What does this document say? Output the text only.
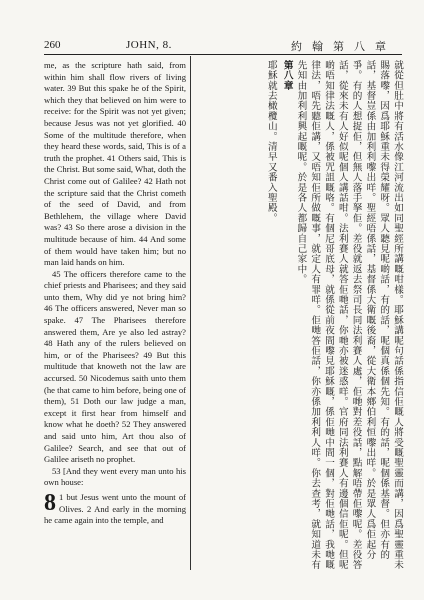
260	JOHN, 8.	約翰第八章

me, as the scripture hath said, from within him shall flow rivers of living water. 39 But this spake he of the Spirit, which they that believed on him were to receive: for the Spirit was not yet given; because Jesus was not yet glorified. 40 Some of the multitude therefore, when they heard these words, said, This is of a truth the prophet. 41 Others said, This is the Christ. But some said, What, doth the Christ come out of Galilee? 42 Hath not the scripture said that the Christ cometh of the seed of David, and from Bethlehem, the village where David was? 43 So there arose a division in the multitude because of him. 44 And some of them would have taken him; but no man laid hands on him.

45 The officers therefore came to the chief priests and Pharisees; and they said unto them, Why did ye not bring him? 46 The officers answered, Never man so spake. 47 The Pharisees therefore answered them, Are ye also led astray? 48 Hath any of the rulers believed on him, or of the Pharisees? 49 But this multitude that knoweth not the law are accursed. 50 Nicodemus saith unto them (he that came to him before, being one of them), 51 Doth our law judge a man, except it first hear from himself and know what he doeth? 52 They answered and said unto him, Art thou also of Galilee? Search, and see that out of Galilee ariseth no prophet.

53 [And they went every man unto his own house:

8 1 but Jesus went unto the mount of Olives. 2 And early in the morning he came again into the temple, and	就從但肚中將有活水像江河流出如同聖經所講嘅咁樣。耶穌講呢句話係指信佢嘅人將受嘅聖靈而講，因爲聖靈重未賜落嚟，因爲耶穌重未得榮耀呀。眾人聽見呢啲話，有的話，呢個真係個先知。有的話，呢個係基督。但亦有的話，基督豈係由加利利嚟出咩。聖經唔係話，基督係大衛嘅後裔，從大衛本鄉伯利恒嚟出咩。於是眾人爲佢起分爭。有的人想捉佢，但無人落手拏佢。差役就返去祭司長同法利賽人處，佢哋對差役話，點解唔帶佢嚟呢。差役答話，從來未有人好似呢個人講話咁。法利賽人就答佢哋話，你哋亦被迷惑咩。官府同法利賽人有邊個信佢呢。但呢啲唔知律法嘅人，係被咒詛嘅咯。有個尼哥底母，就係從前夜間嚟見耶穌嘅，係佢哋中間一個，對佢哋話，我哋嘅律法，唔先聽佢講，又唔知佢所做嘅事，就定人有罪咩。佢哋答佢話，你亦係加利利人咩。你去查考，就知道未有先知由加利利興起嘅呢。於是各人都歸自己家中。

第八章

耶穌就去橄欖山。清早又番入聖殿。
